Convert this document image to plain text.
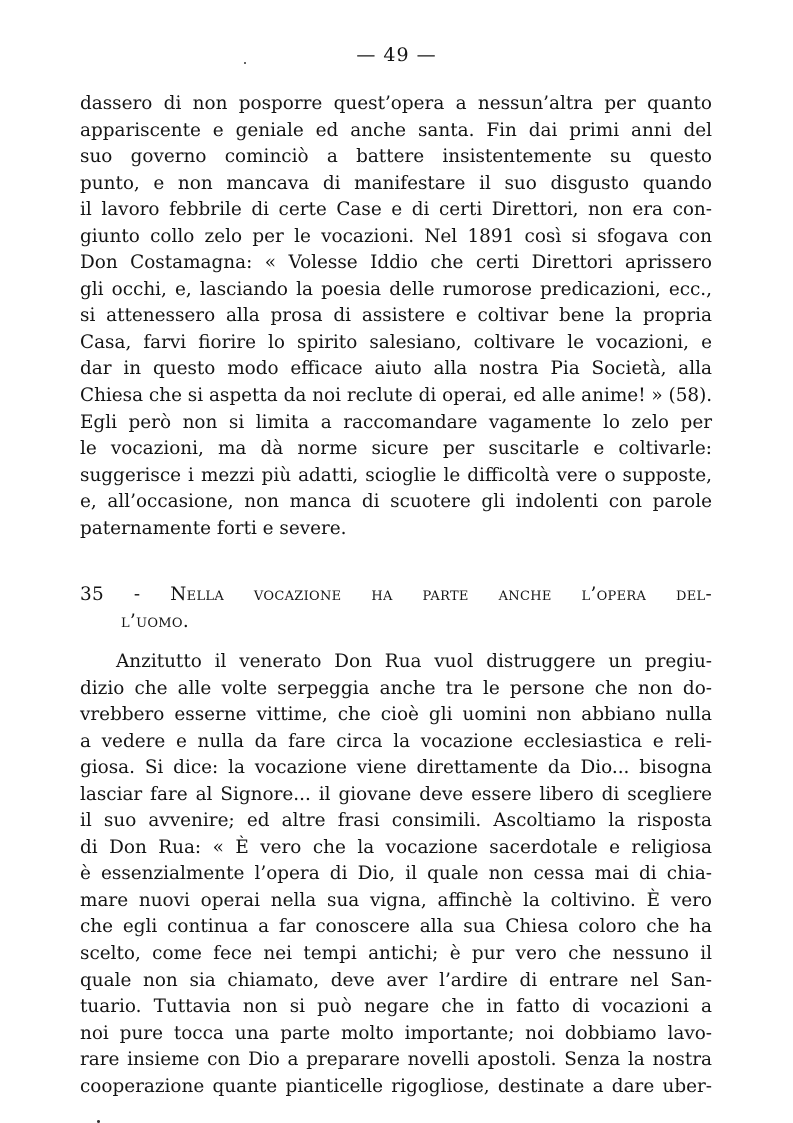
— 49 —
dassero di non posporre quest’opera a nessun’altra per quanto
appariscente e geniale ed anche santa. Fin dai primi anni del
suo governo cominciò a battere insistentemente su questo
punto, e non mancava di manifestare il suo disgusto quando
il lavoro febbrile di certe Case e di certi Direttori, non era con-
giunto collo zelo per le vocazioni. Nel 1891 così si sfogava con
Don Costamagna: « Volesse Iddio che certi Direttori aprissero
gli occhi, e, lasciando la poesia delle rumorose predicazioni, ecc.,
si attenessero alla prosa di assistere e coltivar bene la propria
Casa, farvi fiorire lo spirito salesiano, coltivare le vocazioni, e
dar in questo modo efficace aiuto alla nostra Pia Società, alla
Chiesa che si aspetta da noi reclute di operai, ed alle anime! » (58).
Egli però non si limita a raccomandare vagamente lo zelo per
le vocazioni, ma dà norme sicure per suscitarle e coltivarle:
suggerisce i mezzi più adatti, scioglie le difficoltà vere o supposte,
e, all’occasione, non manca di scuotere gli indolenti con parole
paternamente forti e severe.
35 - Nella vocazione ha parte anche l’opera del-
l’uomo.
Anzitutto il venerato Don Rua vuol distruggere un pregiu-
dizio che alle volte serpeggia anche tra le persone che non do-
vrebbero esserne vittime, che cioè gli uomini non abbiano nulla
a vedere e nulla da fare circa la vocazione ecclesiastica e reli-
giosa. Si dice: la vocazione viene direttamente da Dio... bisogna
lasciar fare al Signore... il giovane deve essere libero di scegliere
il suo avvenire; ed altre frasi consimili. Ascoltiamo la risposta
di Don Rua: « È vero che la vocazione sacerdotale e religiosa
è essenzialmente l’opera di Dio, il quale non cessa mai di chia-
mare nuovi operai nella sua vigna, affinchè la coltivino. È vero
che egli continua a far conoscere alla sua Chiesa coloro che ha
scelto, come fece nei tempi antichi; è pur vero che nessuno il
quale non sia chiamato, deve aver l’ardire di entrare nel San-
tuario. Tuttavia non si può negare che in fatto di vocazioni a
noi pure tocca una parte molto importante; noi dobbiamo lavo-
rare insieme con Dio a preparare novelli apostoli. Senza la nostra
cooperazione quante pianticelle rigogliose, destinate a dare uber-
